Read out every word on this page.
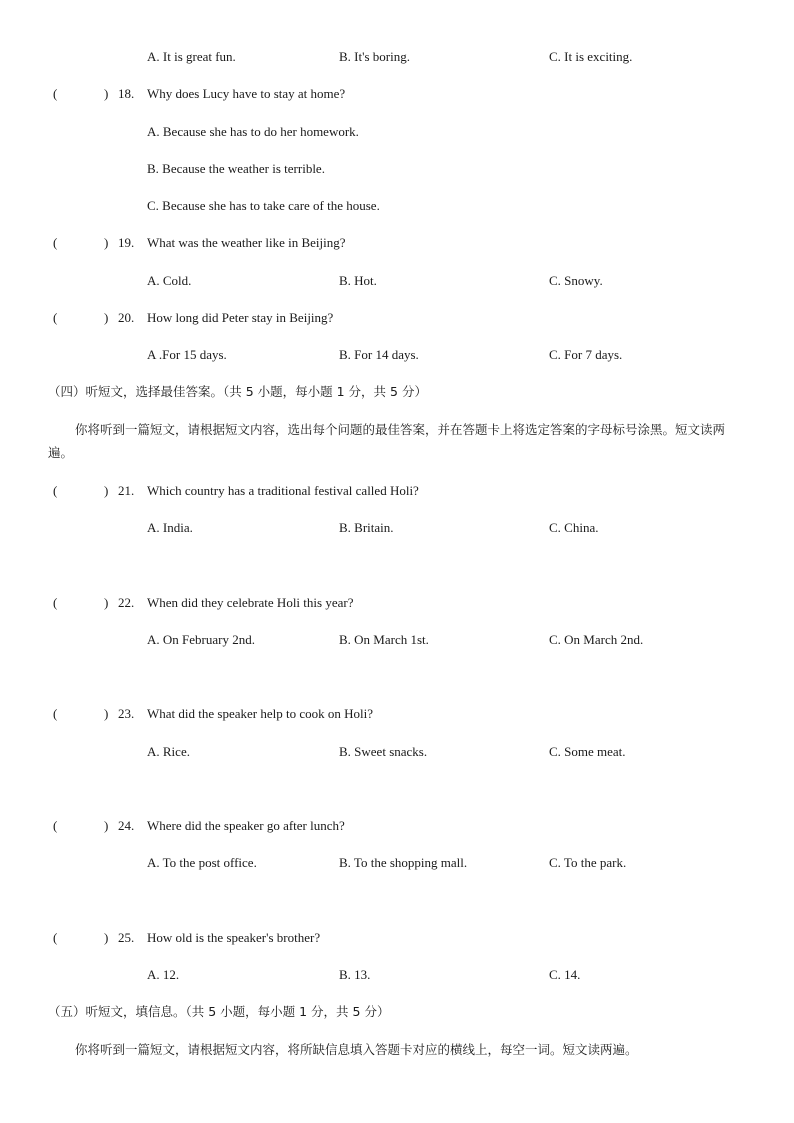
A. It is great fun.	B. It's boring.	C. It is exciting.
(	) 18. Why does Lucy have to stay at home?
A. Because she has to do her homework.
B. Because the weather is terrible.
C. Because she has to take care of the house.
(	) 19. What was the weather like in Beijing?
A. Cold.	B. Hot.	C. Snowy.
(	) 20. How long did Peter stay in Beijing?
A .For 15 days.	B. For 14 days.	C. For 7 days.
（四）听短文，选择最佳答案。（共 5 小题，每小题 1 分，共 5 分）
你将听到一篇短文，请根据短文内容，选出每个问题的最佳答案，并在答题卡上将选定答案的字母标号涂黑。短文读两遍。
(	) 21. Which country has a traditional festival called Holi?
A. India.	B. Britain.	C. China.
(	) 22. When did they celebrate Holi this year?
A. On February 2nd.	B. On March 1st.	C. On March 2nd.
(	) 23. What did the speaker help to cook on Holi?
A. Rice.	B. Sweet snacks.	C. Some meat.
(	) 24. Where did the speaker go after lunch?
A. To the post office.	B. To the shopping mall.	C. To the park.
(	) 25. How old is the speaker's brother?
A. 12.	B. 13.	C. 14.
（五）听短文，填信息。（共 5 小题，每小题 1 分，共 5 分）
你将听到一篇短文，请根据短文内容，将所缺信息填入答题卡对应的横线上，每空一词。短文读两遍。
